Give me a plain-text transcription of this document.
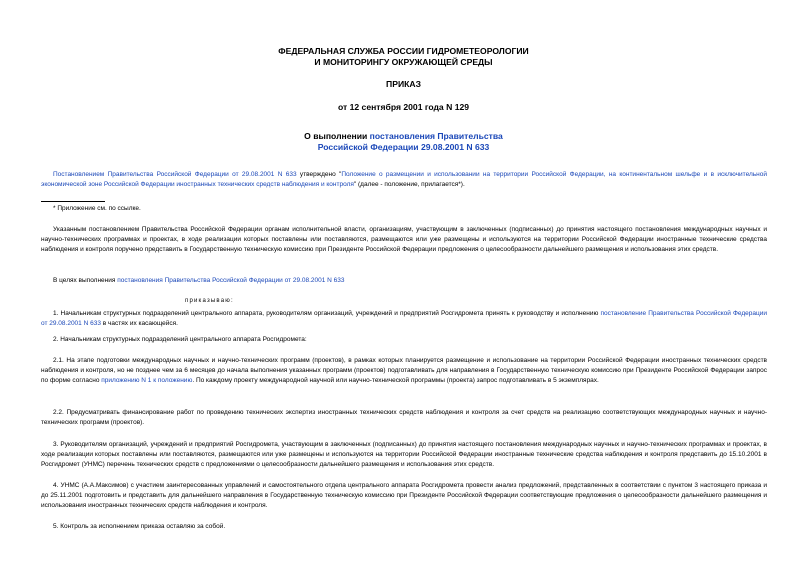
ФЕДЕРАЛЬНАЯ СЛУЖБА РОССИИ ГИДРОМЕТЕОРОЛОГИИ
И МОНИТОРИНГУ ОКРУЖАЮЩЕЙ СРЕДЫ
ПРИКАЗ
от 12 сентября 2001 года N 129
О выполнении постановления Правительства
Российской Федерации 29.08.2001 N 633
Постановлением Правительства Российской Федерации от 29.08.2001 N 633 утверждено "Положение о размещении и использовании на территории Российской Федерации, на континентальном шельфе и в исключительной экономической зоне Российской Федерации иностранных технических средств наблюдения и контроля" (далее - положение, прилагается*).
* Приложение см. по ссылке.
Указанным постановлением Правительства Российской Федерации органам исполнительной власти, организациям, участвующим в заключенных (подписанных) до принятия настоящего постановления международных научных и научно-технических программах и проектах, в ходе реализации которых поставлены или поставляются, размещаются или уже размещены и используются на территории Российской Федерации иностранные технические средства наблюдения и контроля поручено представить в Государственную техническую комиссию при Президенте Российской Федерации предложения о целесообразности дальнейшего размещения и использования этих средств.
В целях выполнения постановления Правительства Российской Федерации от 29.08.2001 N 633
приказываю:
1. Начальникам структурных подразделений центрального аппарата, руководителям организаций, учреждений и предприятий Росгидромета принять к руководству и исполнению постановление Правительства Российской Федерации от 29.08.2001 N 633 в частях их касающейся.
2. Начальникам структурных подразделений центрального аппарата Росгидромета:
2.1. На этапе подготовки международных научных и научно-технических программ (проектов), в рамках которых планируется размещение и использование на территории Российской Федерации иностранных технических средств наблюдения и контроля, но не позднее чем за 6 месяцев до начала выполнения указанных программ (проектов) подготавливать для направления в Государственную техническую комиссию при Президенте Российской Федерации запрос по форме согласно приложению N 1 к положению. По каждому проекту международной научной или научно-технической программы (проекта) запрос подготавливать в 5 экземплярах.
2.2. Предусматривать финансирование работ по проведению технических экспертиз иностранных технических средств наблюдения и контроля за счет средств на реализацию соответствующих международных научных и научно-технических программ (проектов).
3. Руководителям организаций, учреждений и предприятий Росгидромета, участвующим в заключенных (подписанных) до принятия настоящего постановления международных научных и научно-технических программах и проектах, в ходе реализации которых поставлены или поставляются, размещаются или уже размещены и используются на территории Российской Федерации иностранные технические средства наблюдения и контроля представить до 15.10.2001 в Росгидромет (УНМС) перечень технических средств с предложениями о целесообразности дальнейшего размещения и использования этих средств.
4. УНМС (А.А.Максимов) с участием заинтересованных управлений и самостоятельного отдела центрального аппарата Росгидромета провести анализ предложений, представленных в соответствии с пунктом 3 настоящего приказа и до 25.11.2001 подготовить и представить для дальнейшего направления в Государственную техническую комиссию при Президенте Российской Федерации соответствующие предложения о целесообразности дальнейшего размещения и использования иностранных технических средств наблюдения и контроля.
5. Контроль за исполнением приказа оставляю за собой.
